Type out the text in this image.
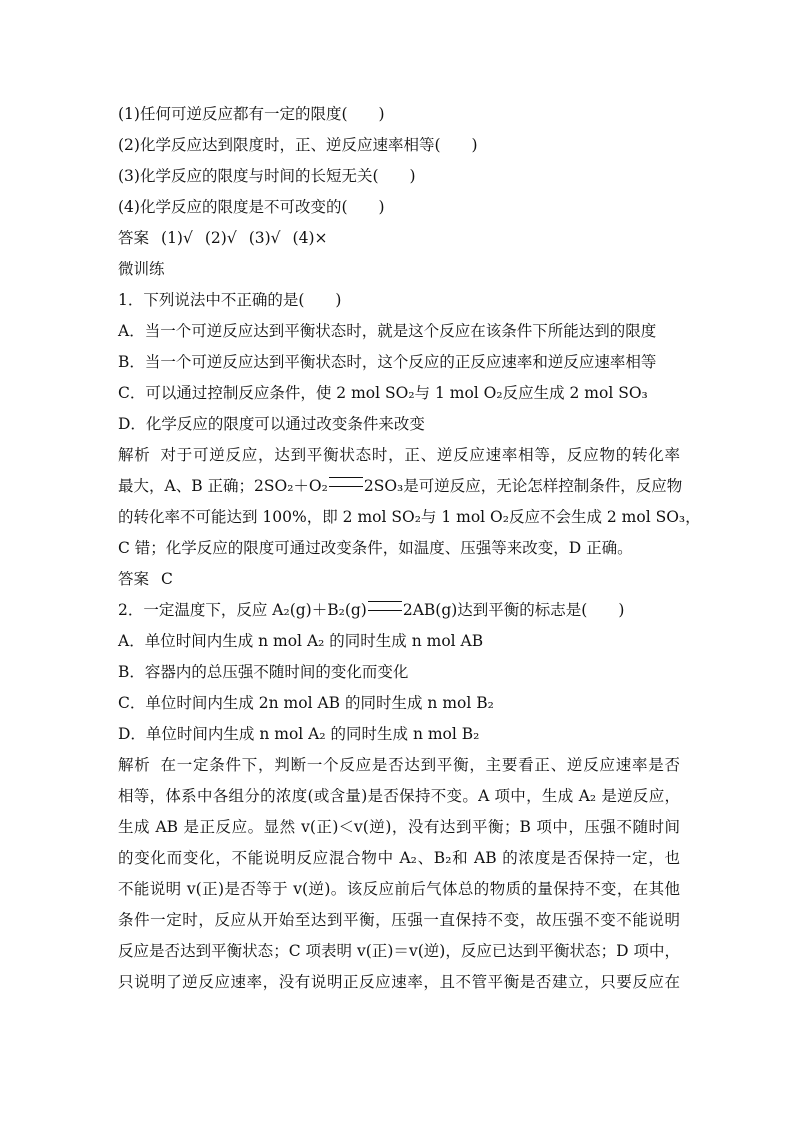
(1)任何可逆反应都有一定的限度(　　)
(2)化学反应达到限度时，正、逆反应速率相等(　　)
(3)化学反应的限度与时间的长短无关(　　)
(4)化学反应的限度是不可改变的(　　)
答案 (1)√ (2)√ (3)√ (4)×
微训练
1．下列说法中不正确的是(　　)
A．当一个可逆反应达到平衡状态时，就是这个反应在该条件下所能达到的限度
B．当一个可逆反应达到平衡状态时，这个反应的正反应速率和逆反应速率相等
C．可以通过控制反应条件，使 2 mol SO₂与 1 mol O₂反应生成 2 mol SO₃
D．化学反应的限度可以通过改变条件来改变
解析 对于可逆反应，达到平衡状态时，正、逆反应速率相等，反应物的转化率
最大，A、B 正确；2SO₂＋O₂ 2SO₃是可逆反应，无论怎样控制条件，反应物
的转化率不可能达到 100%，即 2 mol SO₂与 1 mol O₂反应不会生成 2 mol SO₃，
C 错；化学反应的限度可通过改变条件，如温度、压强等来改变，D 正确。
答案 C
2．一定温度下，反应 A₂(g)＋B₂(g) 2AB(g)达到平衡的标志是(　　)
A．单位时间内生成 n mol A₂ 的同时生成 n mol AB
B．容器内的总压强不随时间的变化而变化
C．单位时间内生成 2n mol AB 的同时生成 n mol B₂
D．单位时间内生成 n mol A₂ 的同时生成 n mol B₂
解析 在一定条件下，判断一个反应是否达到平衡，主要看正、逆反应速率是否
相等，体系中各组分的浓度(或含量)是否保持不变。A 项中，生成 A₂ 是逆反应，
生成 AB 是正反应。显然 v(正)＜v(逆)，没有达到平衡；B 项中，压强不随时间
的变化而变化，不能说明反应混合物中 A₂、B₂和 AB 的浓度是否保持一定，也
不能说明 v(正)是否等于 v(逆)。该反应前后气体总的物质的量保持不变，在其他
条件一定时，反应从开始至达到平衡，压强一直保持不变，故压强不变不能说明
反应是否达到平衡状态；C 项表明 v(正)＝v(逆)，反应已达到平衡状态；D 项中，
只说明了逆反应速率，没有说明正反应速率，且不管平衡是否建立，只要反应在
